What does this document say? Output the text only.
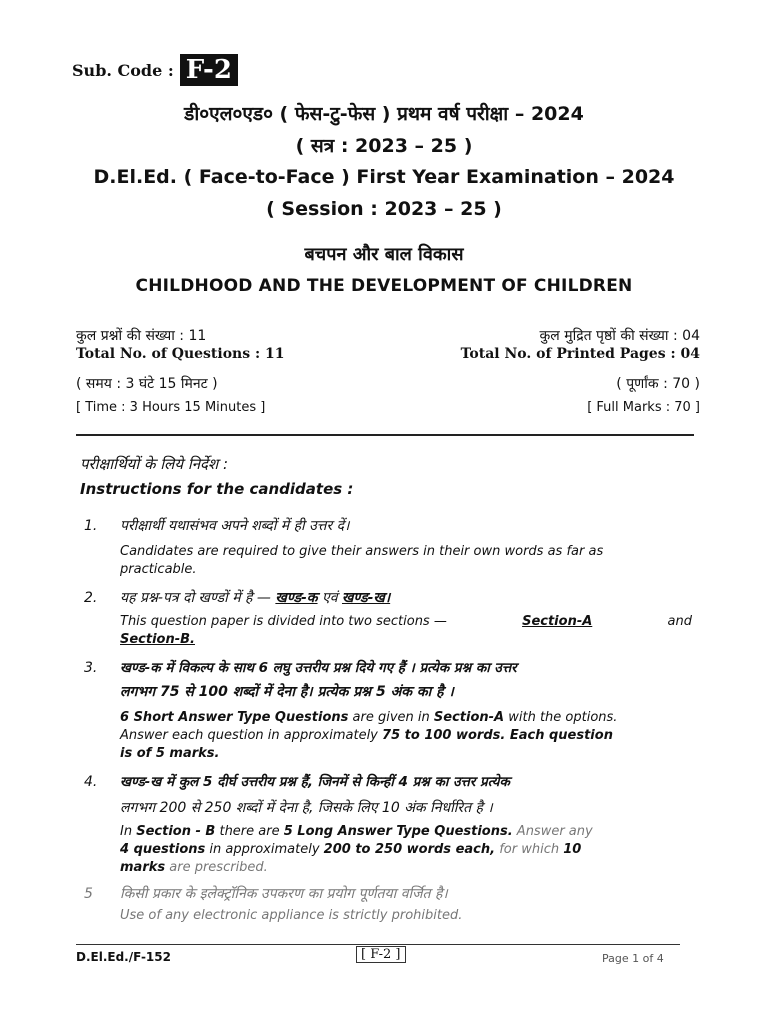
Sub. Code : F-2
डी०एल०एड० ( फेस-टु-फेस ) प्रथम वर्ष परीक्षा – 2024
( सत्र : 2023 – 25 )
D.El.Ed. ( Face-to-Face ) First Year Examination – 2024
( Session : 2023 – 25 )
बचपन और बाल विकास
CHILDHOOD AND THE DEVELOPMENT OF CHILDREN
कुल प्रश्नों की संख्या : 11	कुल मुद्रित पृष्ठों की संख्या : 04
Total No. of Questions : 11	Total No. of Printed Pages : 04
( समय : 3 घंटे 15 मिनट )	( पूर्णांक : 70 )
[ Time : 3 Hours 15 Minutes ]	[ Full Marks : 70 ]
परीक्षार्थियों के लिये निर्देश :
Instructions for the candidates :
1. परीक्षार्थी यथासंभव अपने शब्दों में ही उत्तर दें।
Candidates are required to give their answers in their own words as far as
practicable.
2. यह प्रश्न-पत्र दो खण्डों में है — खण्ड-क एवं खण्ड-ख।
This question paper is divided into two sections —	Section-A	and
Section-B.
3. खण्ड-क में विकल्प के साथ 6 लघु उत्तरीय प्रश्न दिये गए हैं । प्रत्येक प्रश्न का उत्तर
लगभग 75 से 100 शब्दों में देना है। प्रत्येक प्रश्न 5 अंक का है ।
6 Short Answer Type Questions are given in Section-A with the options.
Answer each question in approximately 75 to 100 words. Each question
is of 5 marks.
4. खण्ड-ख में कुल 5 दीर्घ उत्तरीय प्रश्न हैं, जिनमें से किन्हीं 4 प्रश्न का उत्तर प्रत्येक
लगभग 200 से 250 शब्दों में देना है, जिसके लिए 10 अंक निर्धारित है ।
In Section - B there are 5 Long Answer Type Questions. Answer any
4 questions in approximately 200 to 250 words each, for which 10
marks are prescribed.
5 किसी प्रकार के इलेक्ट्रॉनिक उपकरण का प्रयोग पूर्णतया वर्जित है।
Use of any electronic appliance is strictly prohibited.
D.El.Ed./F-152	[ F-2 ]	Page 1 of 4
